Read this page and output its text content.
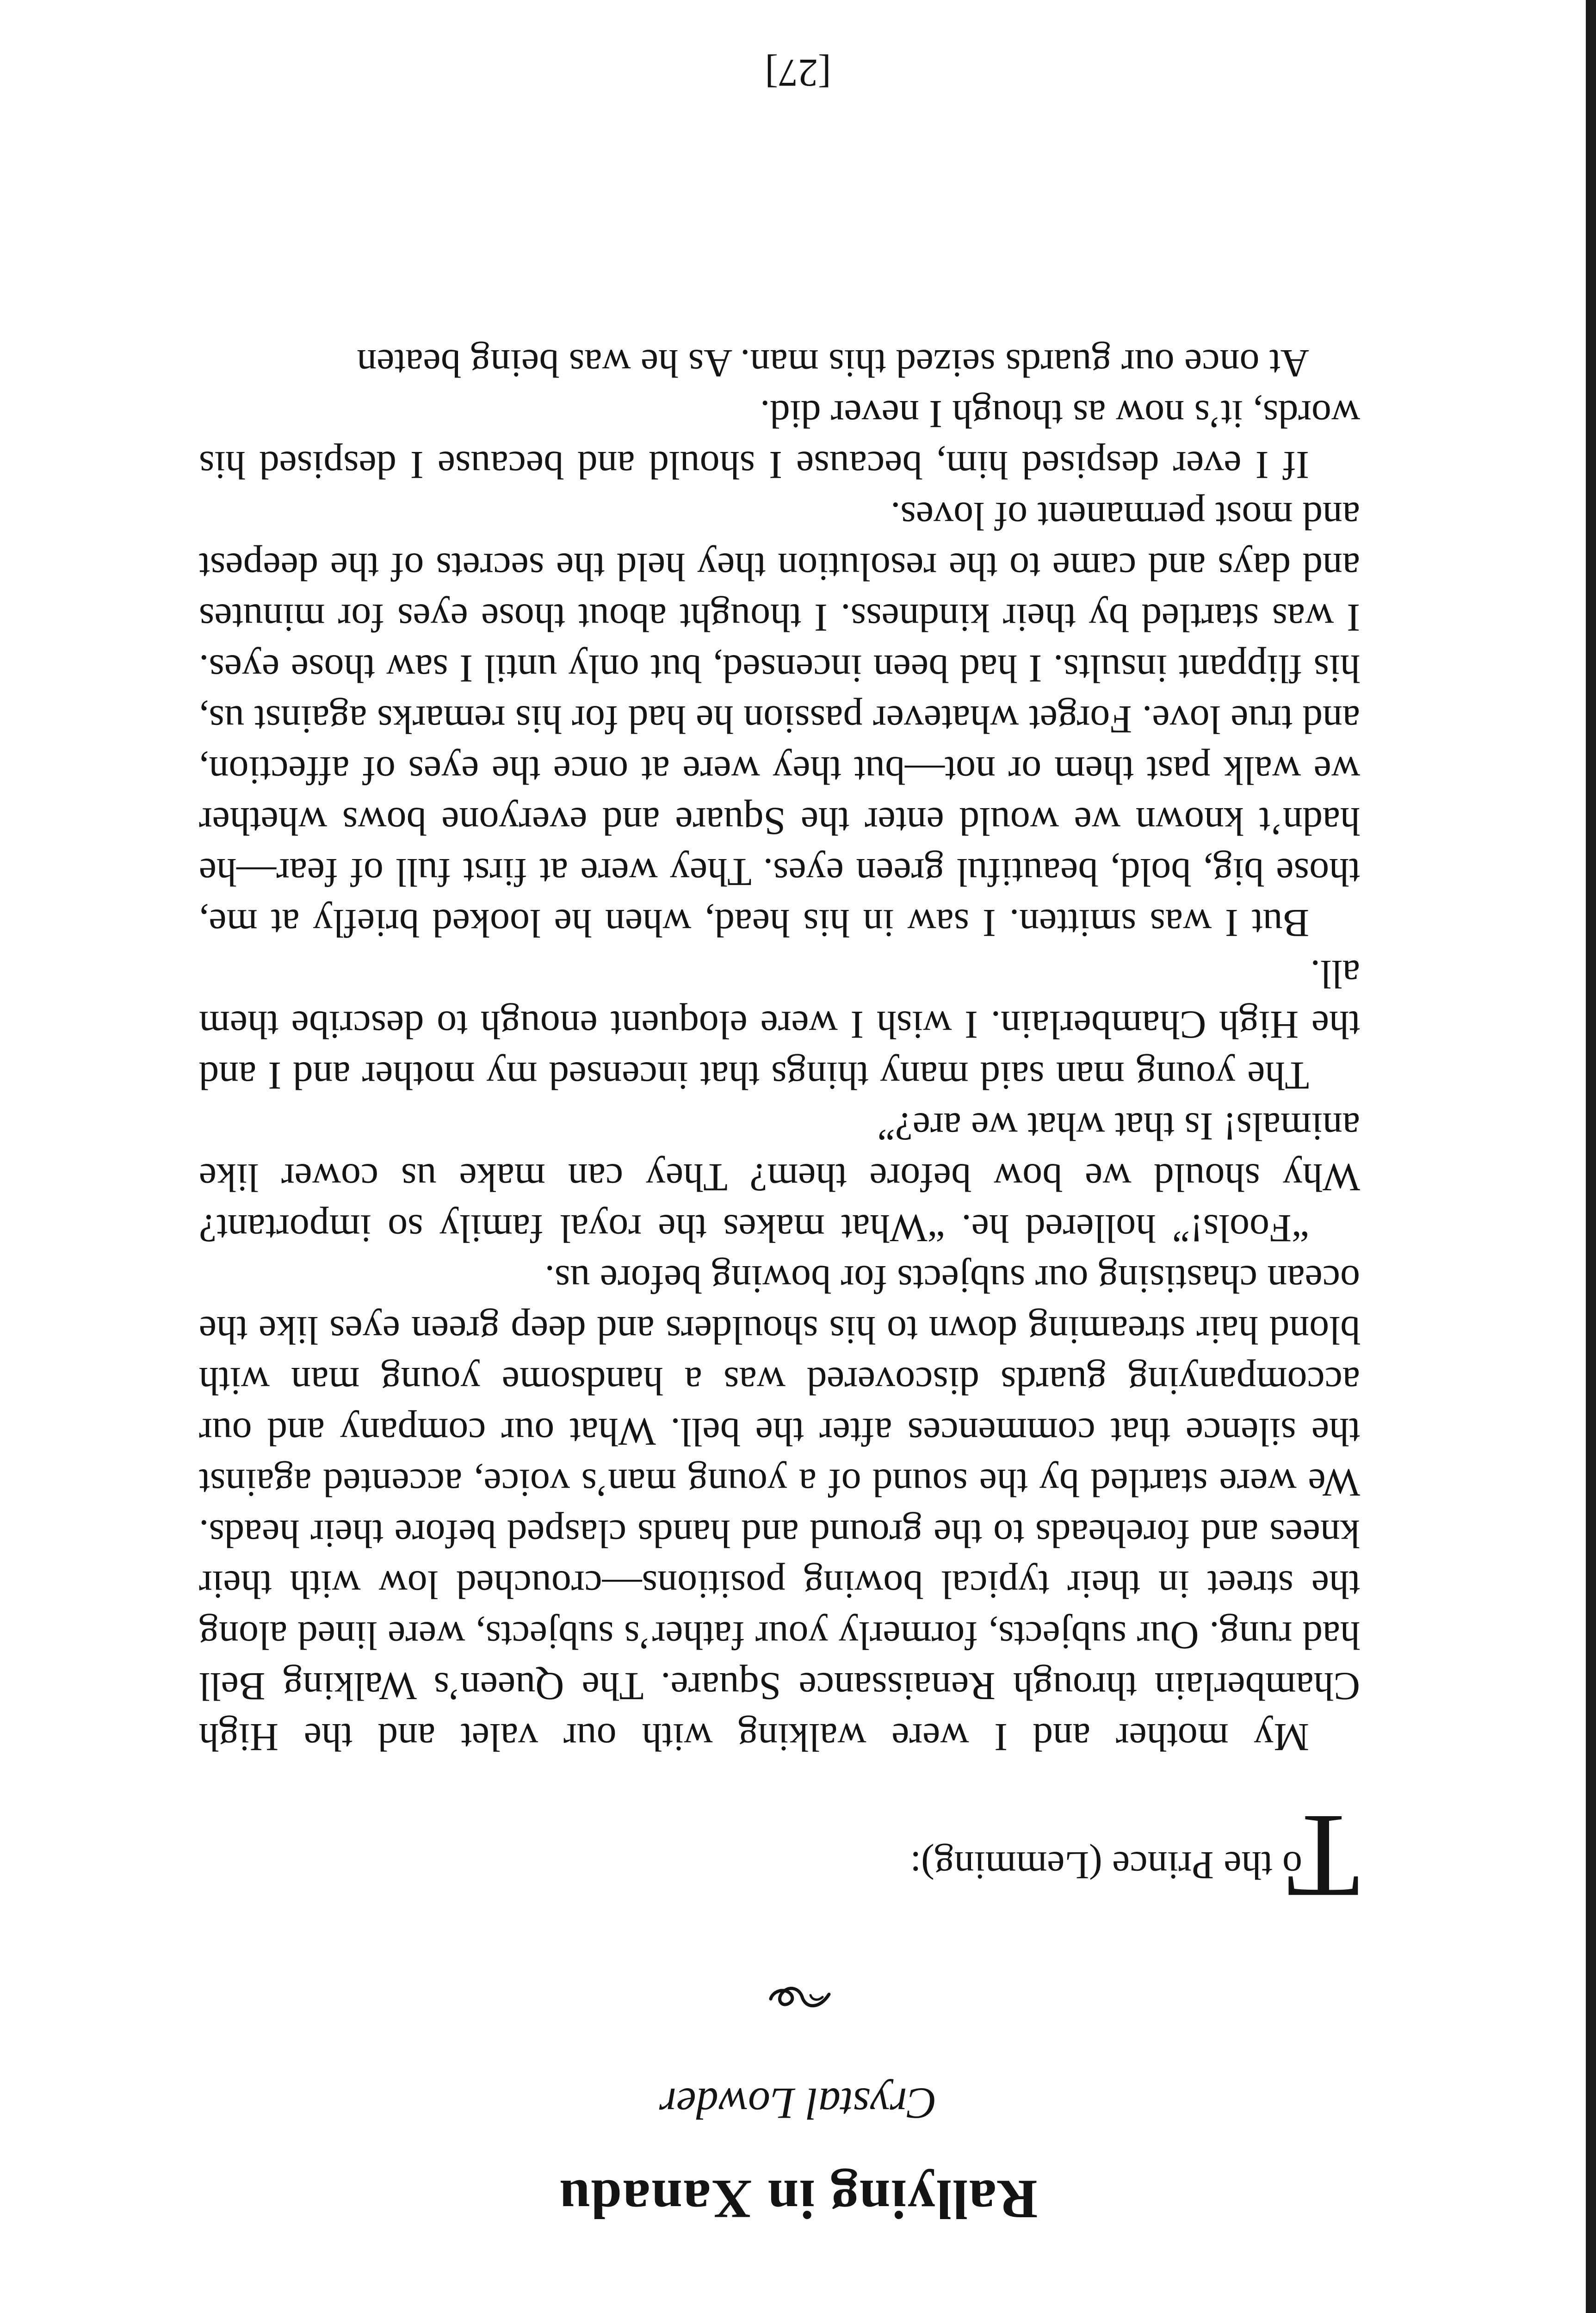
Rallying in Xanadu
Crystal Lowder
T
o the Prince (Lemming):

My mother and I were walking with our valet and the High Chamberlain through Renaissance Square. The Queen’s Walking Bell had rung. Our subjects, formerly your father’s subjects, were lined along the street in their typical bowing positions—crouched low with their knees and foreheads to the ground and hands clasped before their heads. We were startled by the sound of a young man’s voice, accented against the silence that commences after the bell. What our company and our accompanying guards discovered was a handsome young man with blond hair streaming down to his shoulders and deep green eyes like the ocean chastising our subjects for bowing before us.

“Fools!” hollered he. “What makes the royal family so important? Why should we bow before them? They can make us cower like animals! Is that what we are?”

The young man said many things that incensed my mother and I and the High Chamberlain. I wish I were eloquent enough to describe them all.

But I was smitten. I saw in his head, when he looked briefly at me, those big, bold, beautiful green eyes. They were at first full of fear—he hadn’t known we would enter the Square and everyone bows whether we walk past them or not—but they were at once the eyes of affection, and true love. Forget whatever passion he had for his remarks against us, his flippant insults. I had been incensed, but only until I saw those eyes. I was startled by their kindness. I thought about those eyes for minutes and days and came to the resolution they held the secrets of the deepest and most permanent of loves.

If I ever despised him, because I should and because I despised his words, it’s now as though I never did.

At once our guards seized this man. As he was being beaten

[27]
